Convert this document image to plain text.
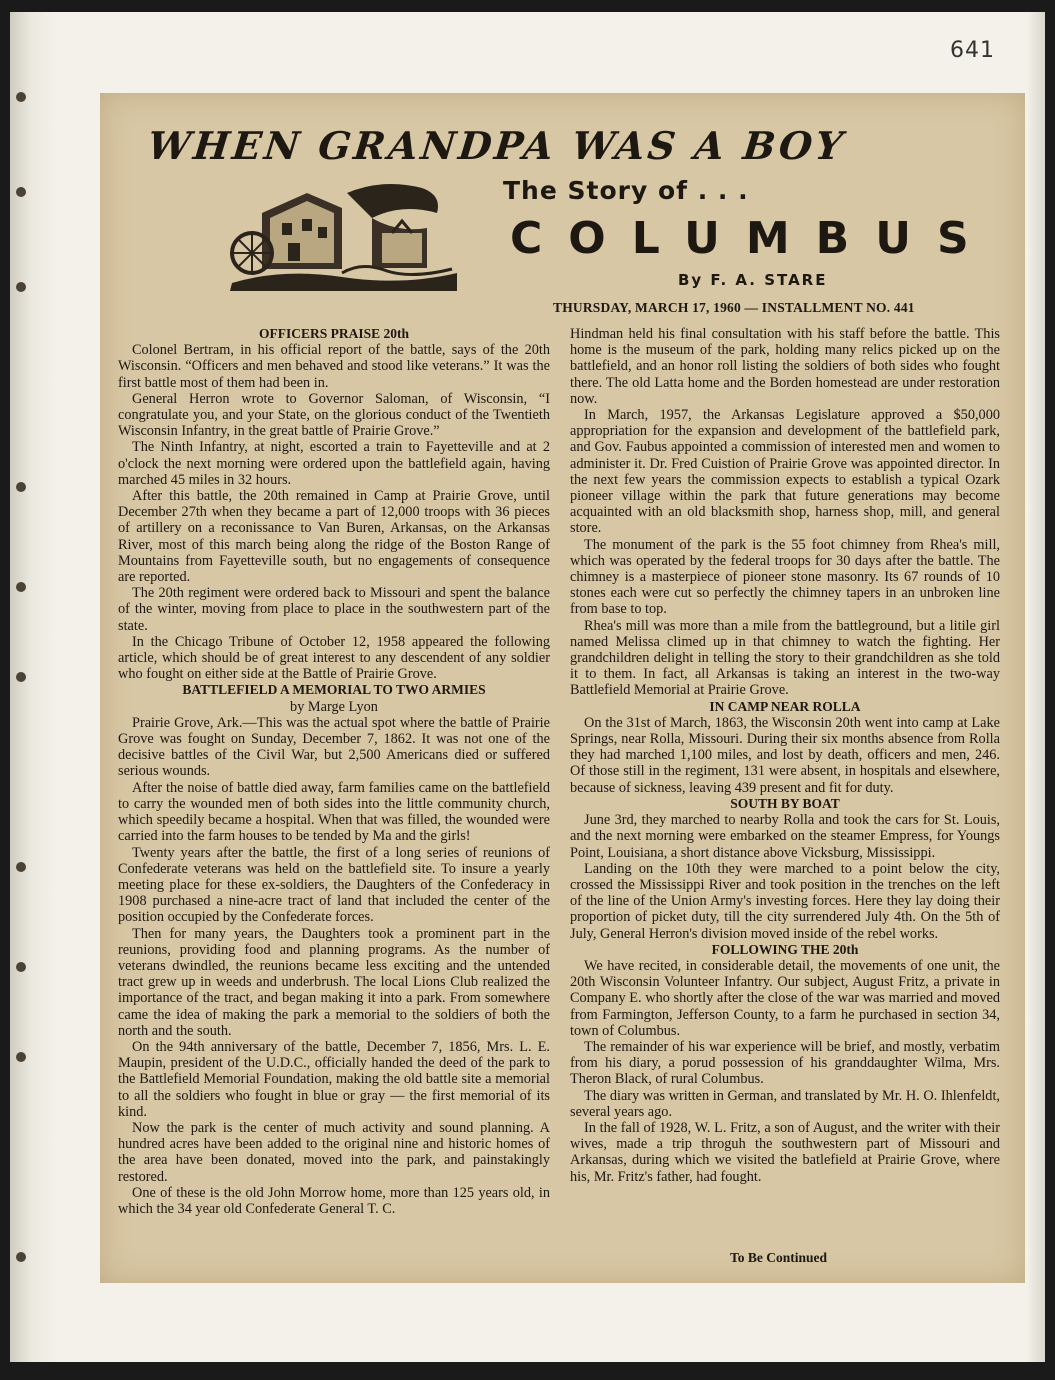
641
WHEN GRANDPA WAS A BOY
The Story of . . .
COLUMBUS
By F. A. STARE
THURSDAY, MARCH 17, 1960 — INSTALLMENT NO. 441

OFFICERS PRAISE 20th

Colonel Bertram, in his official report of the battle, says of the 20th Wisconsin. “Officers and men behaved and stood like veterans.” It was the first battle most of them had been in.

General Herron wrote to Governor Saloman, of Wisconsin, “I congratulate you, and your State, on the glorious conduct of the Twentieth Wisconsin Infantry, in the great battle of Prairie Grove.”

The Ninth Infantry, at night, escorted a train to Fayetteville and at 2 o'clock the next morning were ordered upon the battlefield again, having marched 45 miles in 32 hours.

After this battle, the 20th remained in Camp at Prairie Grove, until December 27th when they became a part of 12,000 troops with 36 pieces of artillery on a reconissance to Van Buren, Arkansas, on the Arkansas River, most of this march being along the ridge of the Boston Range of Mountains from Fayetteville south, but no engagements of consequence are reported.

The 20th regiment were ordered back to Missouri and spent the balance of the winter, moving from place to place in the southwestern part of the state.

In the Chicago Tribune of October 12, 1958 appeared the following article, which should be of great interest to any descendent of any soldier who fought on either side at the Battle of Prairie Grove.

BATTLEFIELD A MEMORIAL TO TWO ARMIES

by Marge Lyon

Prairie Grove, Ark.—This was the actual spot where the battle of Prairie Grove was fought on Sunday, December 7, 1862. It was not one of the decisive battles of the Civil War, but 2,500 Americans died or suffered serious wounds.

After the noise of battle died away, farm families came on the battlefield to carry the wounded men of both sides into the little community church, which speedily became a hospital. When that was filled, the wounded were carried into the farm houses to be tended by Ma and the girls!

Twenty years after the battle, the first of a long series of reunions of Confederate veterans was held on the battlefield site. To insure a yearly meeting place for these ex-soldiers, the Daughters of the Confederacy in 1908 purchased a nine-acre tract of land that included the center of the position occupied by the Confederate forces.

Then for many years, the Daughters took a prominent part in the reunions, providing food and planning programs. As the number of veterans dwindled, the reunions became less exciting and the untended tract grew up in weeds and underbrush. The local Lions Club realized the importance of the tract, and began making it into a park. From somewhere came the idea of making the park a memorial to the soldiers of both the north and the south.

On the 94th anniversary of the battle, December 7, 1856, Mrs. L. E. Maupin, president of the U.D.C., officially handed the deed of the park to the Battlefield Memorial Foundation, making the old battle site a memorial to all the soldiers who fought in blue or gray — the first memorial of its kind.

Now the park is the center of much activity and sound planning. A hundred acres have been added to the original nine and historic homes of the area have been donated, moved into the park, and painstakingly restored.

One of these is the old John Morrow home, more than 125 years old, in which the 34 year old Confederate General T. C.

Hindman held his final consultation with his staff before the battle. This home is the museum of the park, holding many relics picked up on the battlefield, and an honor roll listing the soldiers of both sides who fought there. The old Latta home and the Borden homestead are under restoration now.

In March, 1957, the Arkansas Legislature approved a $50,000 appropriation for the expansion and development of the battlefield park, and Gov. Faubus appointed a commission of interested men and women to administer it. Dr. Fred Cuistion of Prairie Grove was appointed director. In the next few years the commission expects to establish a typical Ozark pioneer village within the park that future generations may become acquainted with an old blacksmith shop, harness shop, mill, and general store.

The monument of the park is the 55 foot chimney from Rhea's mill, which was operated by the federal troops for 30 days after the battle. The chimney is a masterpiece of pioneer stone masonry. Its 67 rounds of 10 stones each were cut so perfectly the chimney tapers in an unbroken line from base to top.

Rhea's mill was more than a mile from the battleground, but a litile girl named Melissa climed up in that chimney to watch the fighting. Her grandchildren delight in telling the story to their grandchildren as she told it to them. In fact, all Arkansas is taking an interest in the two-way Battlefield Memorial at Prairie Grove.

IN CAMP NEAR ROLLA

On the 31st of March, 1863, the Wisconsin 20th went into camp at Lake Springs, near Rolla, Missouri. During their six months absence from Rolla they had marched 1,100 miles, and lost by death, officers and men, 246. Of those still in the regiment, 131 were absent, in hospitals and elsewhere, because of sickness, leaving 439 present and fit for duty.

SOUTH BY BOAT

June 3rd, they marched to nearby Rolla and took the cars for St. Louis, and the next morning were embarked on the steamer Empress, for Youngs Point, Louisiana, a short distance above Vicksburg, Mississippi.

Landing on the 10th they were marched to a point below the city, crossed the Mississippi River and took position in the trenches on the left of the line of the Union Army's investing forces. Here they lay doing their proportion of picket duty, till the city surrendered July 4th. On the 5th of July, General Herron's division moved inside of the rebel works.

FOLLOWING THE 20th

We have recited, in considerable detail, the movements of one unit, the 20th Wisconsin Volunteer Infantry. Our subject, August Fritz, a private in Company E. who shortly after the close of the war was married and moved from Farmington, Jefferson County, to a farm he purchased in section 34, town of Columbus.

The remainder of his war experience will be brief, and mostly, verbatim from his diary, a porud possession of his granddaughter Wilma, Mrs. Theron Black, of rural Columbus.

The diary was written in German, and translated by Mr. H. O. Ihlenfeldt, several years ago.

In the fall of 1928, W. L. Fritz, a son of August, and the writer with their wives, made a trip throguh the southwestern part of Missouri and Arkansas, during which we visited the batlefield at Prairie Grove, where his, Mr. Fritz's father, had fought.

To Be Continued
